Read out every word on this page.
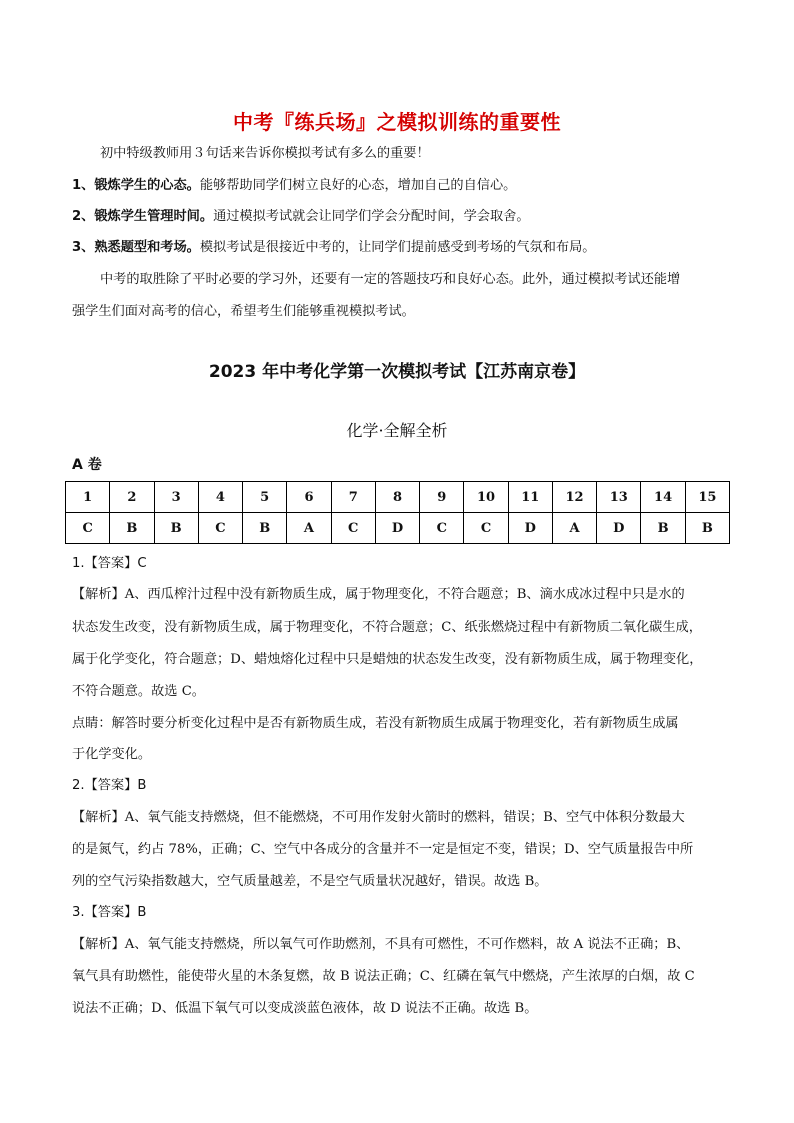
中考『练兵场』之模拟训练的重要性
初中特级教师用３句话来告诉你模拟考试有多么的重要！
1、锻炼学生的心态。能够帮助同学们树立良好的心态，增加自己的自信心。
2、锻炼学生管理时间。通过模拟考试就会让同学们学会分配时间，学会取舍。
3、熟悉题型和考场。模拟考试是很接近中考的，让同学们提前感受到考场的气氛和布局。
中考的取胜除了平时必要的学习外，还要有一定的答题技巧和良好心态。此外，通过模拟考试还能增
强学生们面对高考的信心，希望考生们能够重视模拟考试。
2023 年中考化学第一次模拟考试【江苏南京卷】
化学·全解全析
A 卷
1	2	3	4	5	6	7	8	9	10	11	12	13	14	15
C	B	B	C	B	A	C	D	C	C	D	A	D	B	B
1.【答案】C
【解析】A、西瓜榨汁过程中没有新物质生成，属于物理变化，不符合题意；B、滴水成冰过程中只是水的
状态发生改变，没有新物质生成，属于物理变化，不符合题意；C、纸张燃烧过程中有新物质二氧化碳生成，
属于化学变化，符合题意；D、蜡烛熔化过程中只是蜡烛的状态发生改变，没有新物质生成，属于物理变化，
不符合题意。故选 C。
点睛：解答时要分析变化过程中是否有新物质生成，若没有新物质生成属于物理变化，若有新物质生成属
于化学变化。
2.【答案】B
【解析】A、氧气能支持燃烧，但不能燃烧，不可用作发射火箭时的燃料，错误；B、空气中体积分数最大
的是氮气，约占 78%，正确；C、空气中各成分的含量并不一定是恒定不变，错误；D、空气质量报告中所
列的空气污染指数越大，空气质量越差，不是空气质量状况越好，错误。故选 B。
3.【答案】B
【解析】A、氧气能支持燃烧，所以氧气可作助燃剂，不具有可燃性，不可作燃料，故 A 说法不正确；B、
氧气具有助燃性，能使带火星的木条复燃，故 B 说法正确；C、红磷在氧气中燃烧，产生浓厚的白烟，故 C
说法不正确；D、低温下氧气可以变成淡蓝色液体，故 D 说法不正确。故选 B。
